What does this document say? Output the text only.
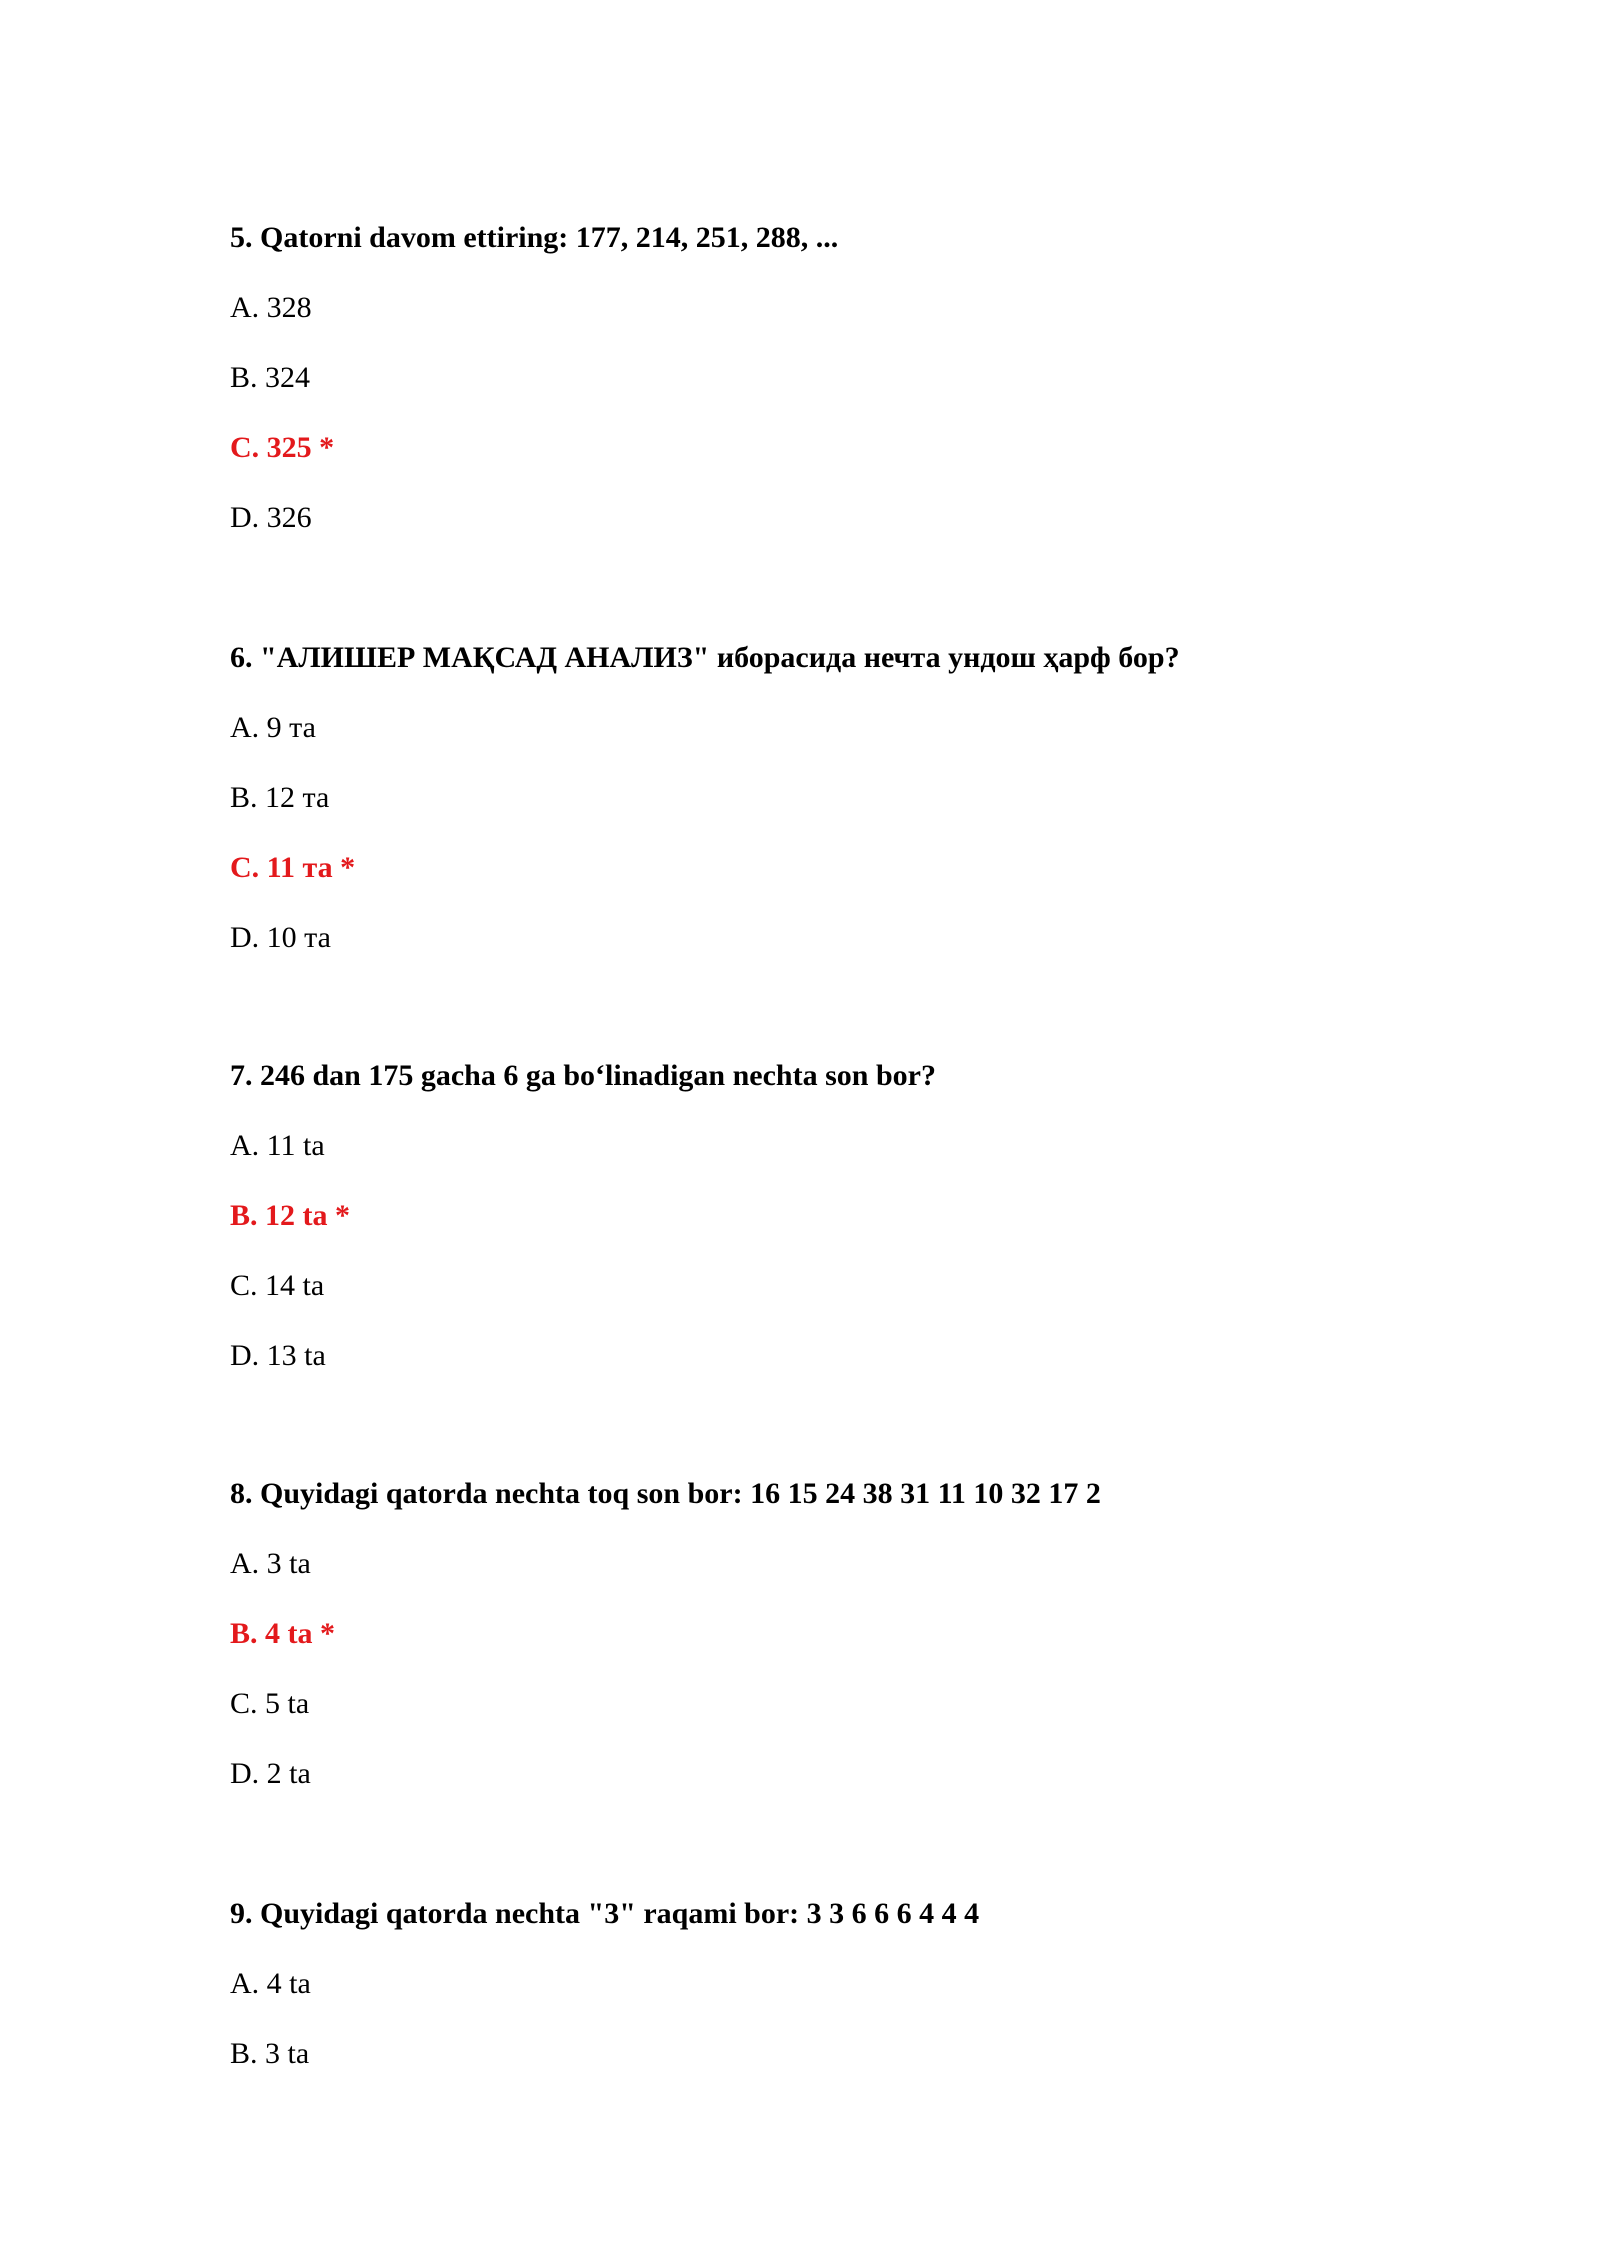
5. Qatorni davom ettiring: 177, 214, 251, 288, ...
A. 328
B. 324
C. 325 *
D. 326
6. "АЛИШЕР МАҚСАД АНАЛИЗ" иборасида нечта ундош ҳарф бор?
A. 9 та
B. 12 та
C. 11 та *
D. 10 та
7. 246 dan 175 gacha 6 ga bo‘linadigan nechta son bor?
A. 11 ta
B. 12 ta *
C. 14 ta
D. 13 ta
8. Quyidagi qatorda nechta toq son bor: 16 15 24 38 31 11 10 32 17 2
A. 3 ta
B. 4 ta *
C. 5 ta
D. 2 ta
9. Quyidagi qatorda nechta "3" raqami bor: 3 3 6 6 6 4 4 4
A. 4 ta
B. 3 ta
